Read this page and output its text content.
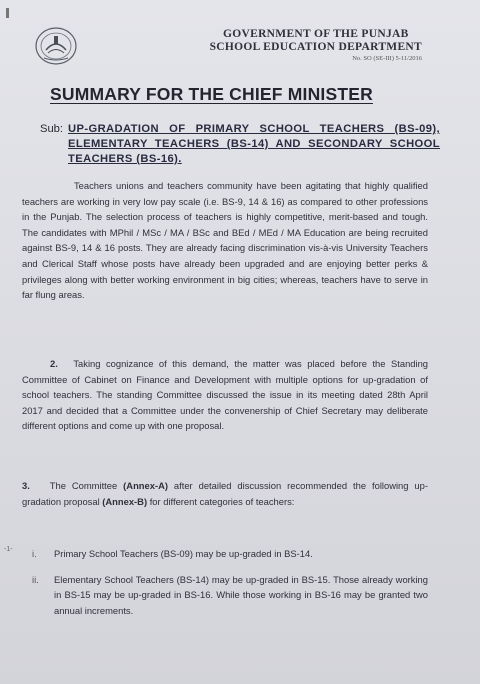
GOVERNMENT OF THE PUNJAB
SCHOOL EDUCATION DEPARTMENT
No. SO (SE-III) 5-11/2016
SUMMARY FOR THE CHIEF MINISTER
Sub: UP-GRADATION OF PRIMARY SCHOOL TEACHERS (BS-09), ELEMENTARY TEACHERS (BS-14) AND SECONDARY SCHOOL TEACHERS (BS-16).
Teachers unions and teachers community have been agitating that highly qualified teachers are working in very low pay scale (i.e. BS-9, 14 & 16) as compared to other professions in the Punjab. The selection process of teachers is highly competitive, merit-based and tough. The candidates with MPhil / MSc / MA / BSc and BEd / MEd / MA Education are being recruited against BS-9, 14 & 16 posts. They are already facing discrimination vis-à-vis University Teachers and Clerical Staff whose posts have already been upgraded and are enjoying better perks & privileges along with better working environment in big cities; whereas, teachers have to serve in far flung areas.
2. Taking cognizance of this demand, the matter was placed before the Standing Committee of Cabinet on Finance and Development with multiple options for up-gradation of school teachers. The standing Committee discussed the issue in its meeting dated 28th April 2017 and decided that a Committee under the convenership of Chief Secretary may deliberate different options and come up with one proposal.
3. The Committee (Annex-A) after detailed discussion recommended the following up-gradation proposal (Annex-B) for different categories of teachers:
-1- i. Primary School Teachers (BS-09) may be up-graded in BS-14.
ii. Elementary School Teachers (BS-14) may be up-graded in BS-15. Those already working in BS-15 may be up-graded in BS-16. While those working in BS-16 may be granted two annual increments.
